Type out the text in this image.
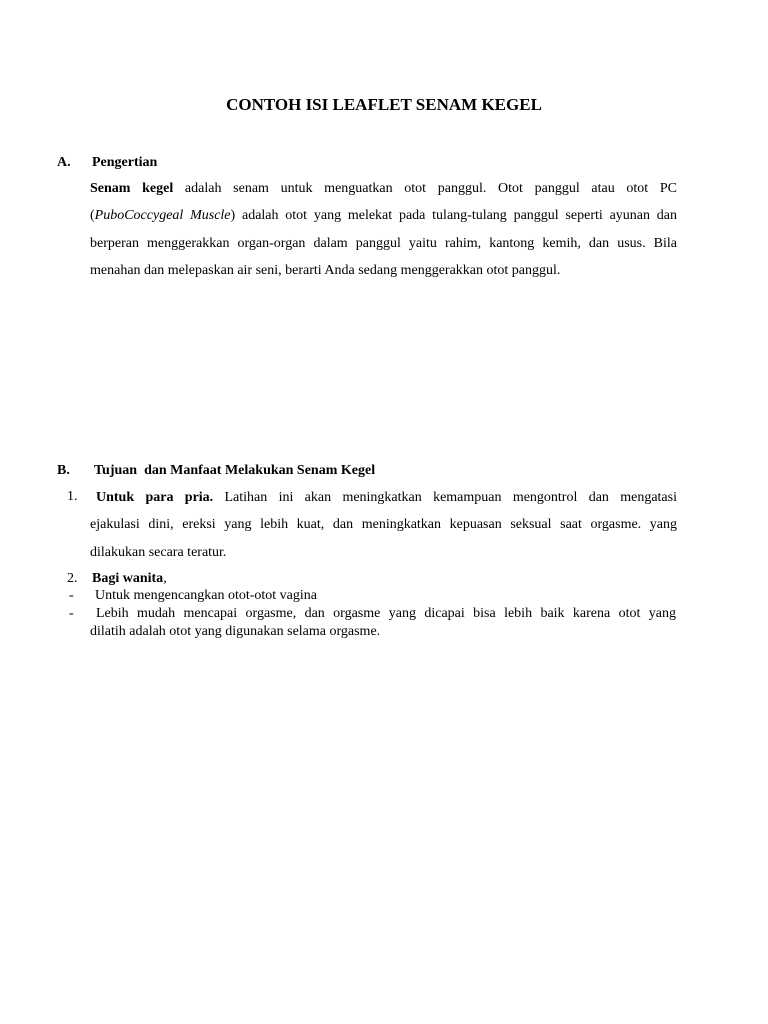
CONTOH ISI LEAFLET SENAM KEGEL
A. Pengertian
Senam kegel adalah senam untuk menguatkan otot panggul. Otot panggul atau otot PC
(PuboCoccygeal Muscle) adalah otot yang melekat pada tulang-tulang panggul seperti ayunan dan
berperan menggerakkan organ-organ dalam panggul yaitu rahim, kantong kemih, dan usus. Bila
menahan dan melepaskan air seni, berarti Anda sedang menggerakkan otot panggul.
B. Tujuan  dan Manfaat Melakukan Senam Kegel
1.	Untuk para pria. Latihan ini akan meningkatkan kemampuan mengontrol dan mengatasi
ejakulasi dini, ereksi yang lebih kuat, dan meningkatkan kepuasan seksual saat orgasme. yang
dilakukan secara teratur.
2. Bagi wanita,
- Untuk mengencangkan otot-otot vagina
-	Lebih mudah mencapai orgasme, dan orgasme yang dicapai bisa lebih baik karena otot yang
dilatih adalah otot yang digunakan selama orgasme.
